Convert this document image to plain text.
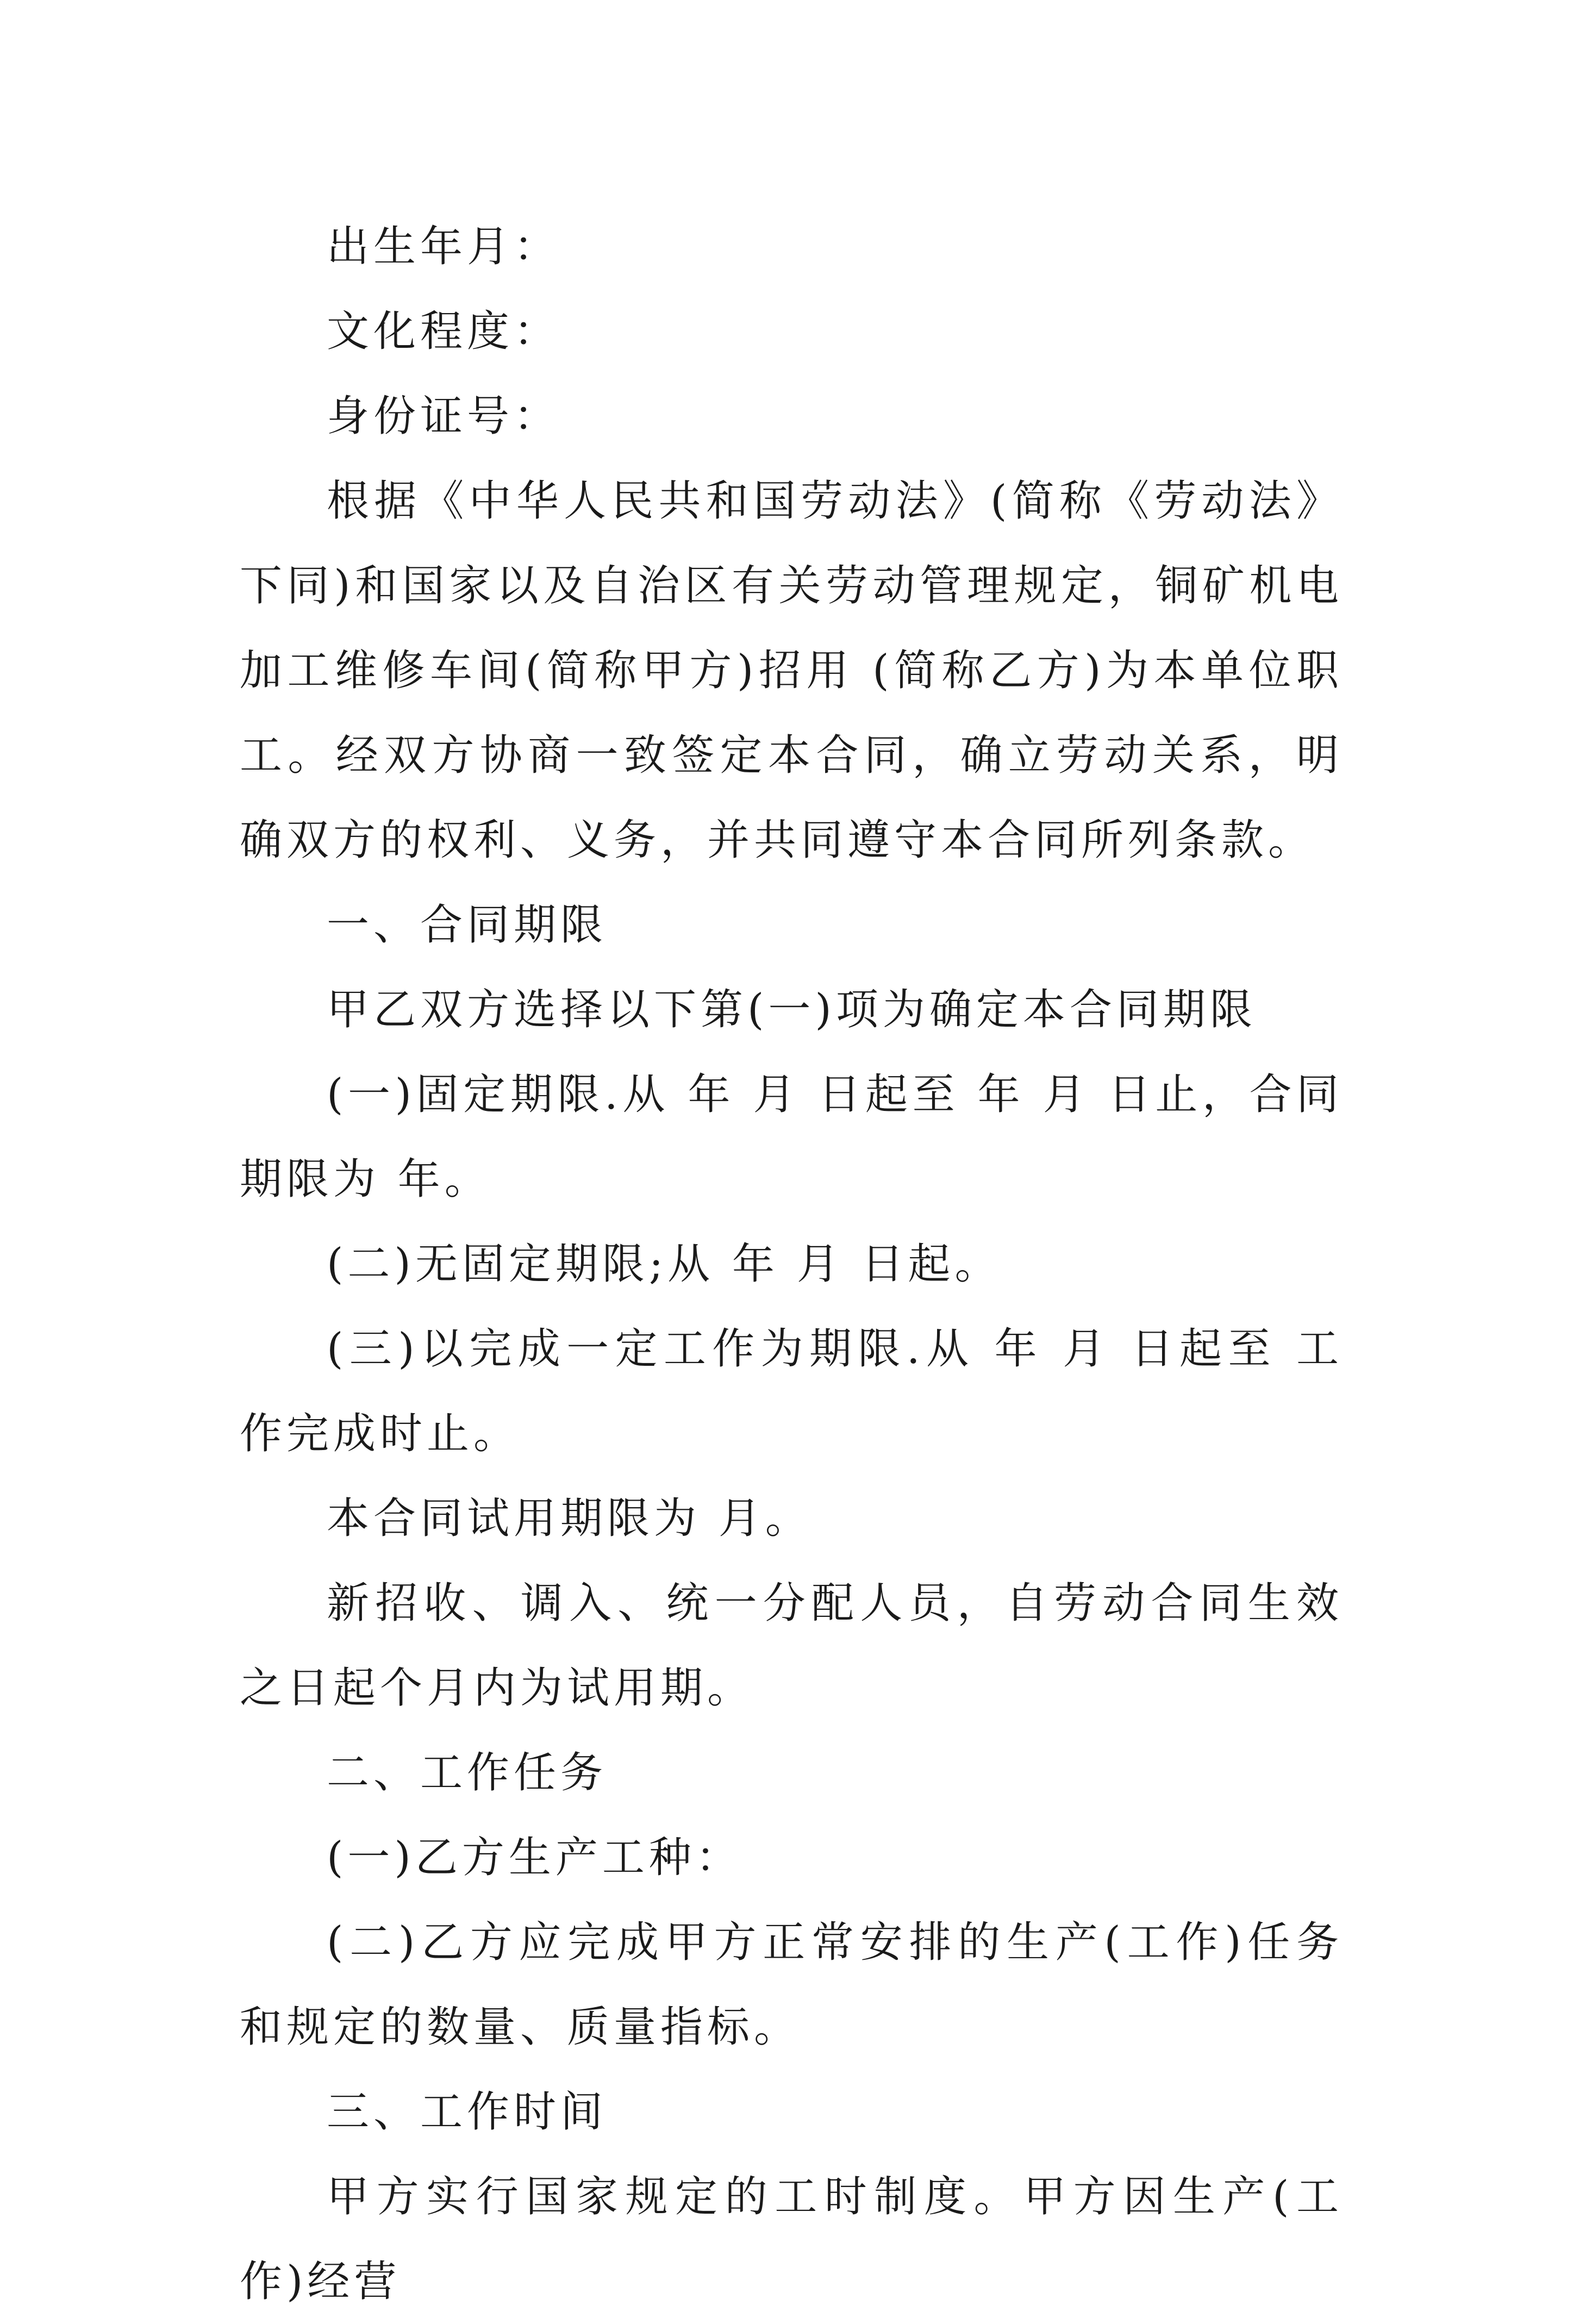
出生年月：

文化程度：

身份证号：

根据《中华人民共和国劳动法》(简称《劳动法》下同)和国家以及自治区有关劳动管理规定，铜矿机电加工维修车间(简称甲方)招用 (简称乙方)为本单位职工。经双方协商一致签定本合同，确立劳动关系，明确双方的权利、义务，并共同遵守本合同所列条款。

一、合同期限

甲乙双方选择以下第(一)项为确定本合同期限

(一)固定期限.从 年 月 日起至 年 月 日止，合同期限为 年。

(二)无固定期限;从 年 月 日起。

(三)以完成一定工作为期限.从 年 月 日起至 工作完成时止。

本合同试用期限为 月。

新招收、调入、统一分配人员，自劳动合同生效之日起个月内为试用期。

二、工作任务

(一)乙方生产工种：

(二)乙方应完成甲方正常安排的生产(工作)任务和规定的数量、质量指标。

三、工作时间

甲方实行国家规定的工时制度。甲方因生产(工作)经营
